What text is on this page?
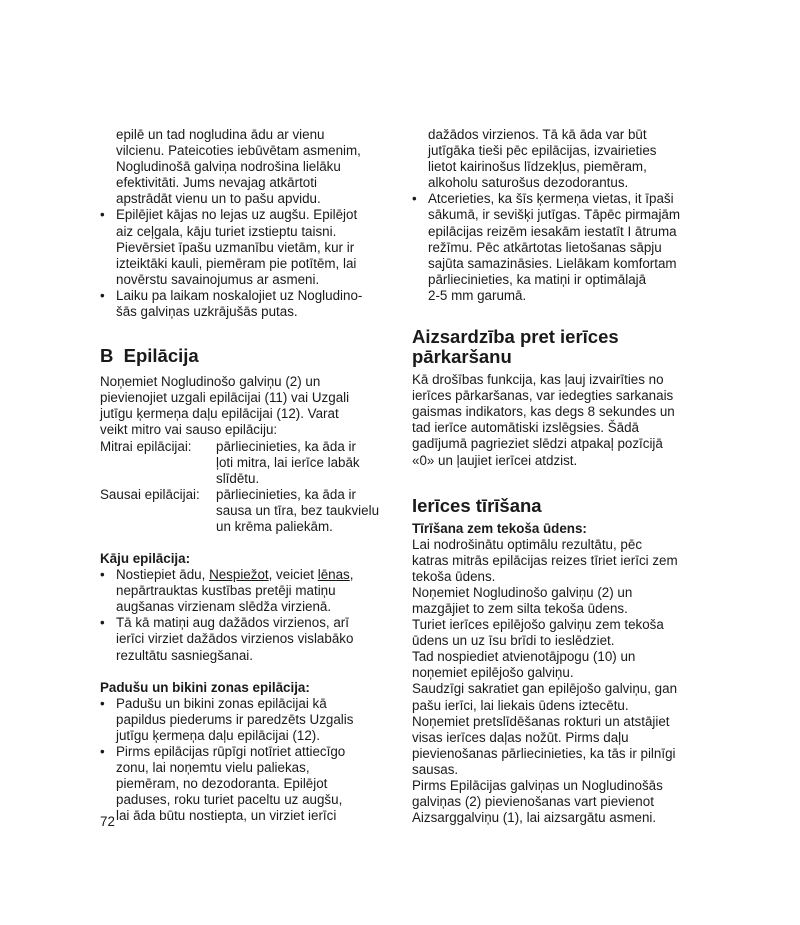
epilē un tad nogludina ādu ar vienu
vilcienu. Pateicoties iebūvētam asmenim,
Nogludinošā galviņa nodrošina lielāku
efektivitāti. Jums nevajag atkārtoti
apstrādāt vienu un to pašu apvidu.
• Epilējiet kājas no lejas uz augšu. Epilējot
aiz ceļgala, kāju turiet izstieptu taisni.
Pievērsiet īpašu uzmanību vietām, kur ir
izteiktāki kauli, piemēram pie potītēm, lai
novērstu savainojumus ar asmeni.
• Laiku pa laikam noskalojiet uz Nogludino-
šās galviņas uzkrājušās putas.
B  Epilācija
Noņemiet Nogludinošo galviņu (2) un
pievienojiet uzgali epilācijai (11) vai Uzgali
jutīgu ķermeņa daļu epilācijai (12). Varat
veikt mitro vai sauso epilāciju:
Mitrai epilācijai:	pārliecinieties, ka āda ir
ļoti mitra, lai ierīce labāk
slīdētu.
Sausai epilācijai:	pārliecinieties, ka āda ir
sausa un tīra, bez taukvielu
un krēma paliekām.
Kāju epilācija:
• Nostiepiet ādu, Nespiežot, veiciet lēnas,
nepārtrauktas kustības pretēji matiņu
augšanas virzienam slēdža virzienā.
• Tā kā matiņi aug dažādos virzienos, arī
ierīci virziet dažādos virzienos vislabāko
rezultātu sasniegšanai.
Padušu un bikini zonas epilācija:
• Padušu un bikini zonas epilācijai kā
papildus piederums ir paredzēts Uzgalis
jutīgu ķermeņa daļu epilācijai (12).
• Pirms epilācijas rūpīgi notīriet attiecīgo
zonu, lai noņemtu vielu paliekas,
piemēram, no dezodoranta. Epilējot
paduses, roku turiet paceltu uz augšu,
lai āda būtu nostiepta, un virziet ierīci
dažādos virzienos. Tā kā āda var būt
jutīgāka tieši pēc epilācijas, izvairieties
lietot kairinošus līdzekļus, piemēram,
alkoholu saturošus dezodorantus.
• Atcerieties, ka šīs ķermeņa vietas, it īpaši
sākumā, ir sevišķi jutīgas. Tāpēc pirmajām
epilācijas reizēm iesakām iestatīt I ātruma
režīmu. Pēc atkārtotas lietošanas sāpju
sajūta samazināsies. Lielākam komfortam
pārliecinieties, ka matiņi ir optimālajā
2-5 mm garumā.
Aizsardzība pret ierīces
pārkaršanu
Kā drošības funkcija, kas ļauj izvairīties no
ierīces pārkaršanas, var iedegties sarkanais
gaismas indikators, kas degs 8 sekundes un
tad ierīce automātiski izslēgsies. Šādā
gadījumā pagrieziet slēdzi atpakaļ pozīcijā
«0» un ļaujiet ierīcei atdzist.
Ierīces tīrīšana
Tīrīšana zem tekoša ūdens:
Lai nodrošinātu optimālu rezultātu, pēc
katras mitrās epilācijas reizes tīriet ierīci zem
tekoša ūdens.
Noņemiet Nogludinošo galviņu (2) un
mazgājiet to zem silta tekoša ūdens.
Turiet ierīces epilējošo galviņu zem tekoša
ūdens un uz īsu brīdi to ieslēdziet.
Tad nospiediet atvienotājpogu (10) un
noņemiet epilējošo galviņu.
Saudzīgi sakratiet gan epilējošo galviņu, gan
pašu ierīci, lai liekais ūdens iztecētu.
Noņemiet pretslīdēšanas rokturi un atstājiet
visas ierīces daļas nožūt. Pirms daļu
pievienošanas pārliecinieties, ka tās ir pilnīgi
sausas.
Pirms Epilācijas galviņas un Nogludinošās
galviņas (2) pievienošanas vart pievienot
Aizsarggalviņu (1), lai aizsargātu asmeni.
72
